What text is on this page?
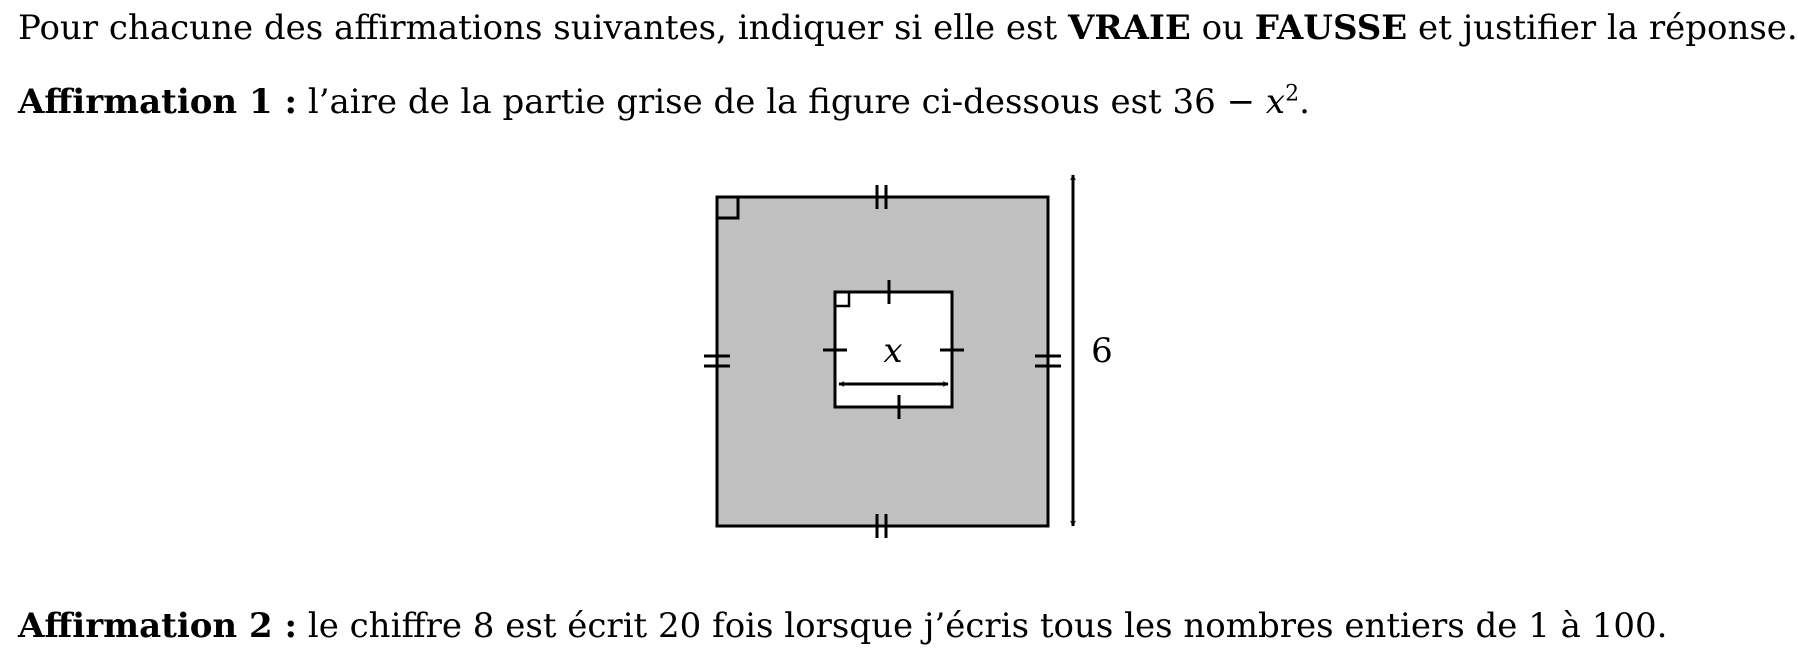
Pour chacune des affirmations suivantes, indiquer si elle est VRAIE ou FAUSSE et justifier la réponse.
Affirmation 1 : l’aire de la partie grise de la figure ci-dessous est $36 - x^2$.
x	6
Affirmation 2 : le chiffre 8 est écrit 20 fois lorsque j’écris tous les nombres entiers de 1 à 100.
